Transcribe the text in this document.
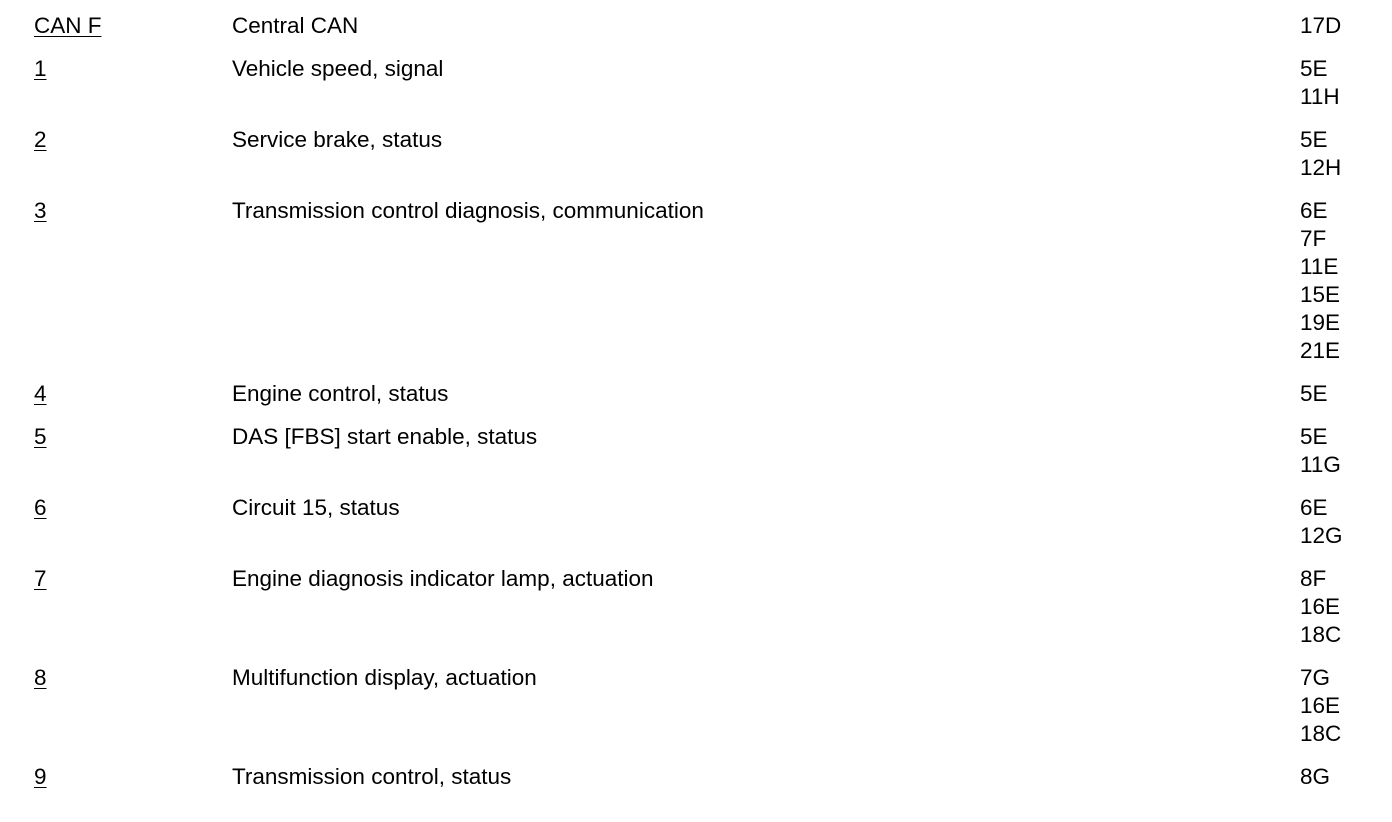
CAN F	Central CAN	17D
1	Vehicle speed, signal	5E
11H
2	Service brake, status	5E
12H
3	Transmission control diagnosis, communication	6E
7F
11E
15E
19E
21E
4	Engine control, status	5E
5	DAS [FBS] start enable, status	5E
11G
6	Circuit 15, status	6E
12G
7	Engine diagnosis indicator lamp, actuation	8F
16E
18C
8	Multifunction display, actuation	7G
16E
18C
9	Transmission control, status	8G
